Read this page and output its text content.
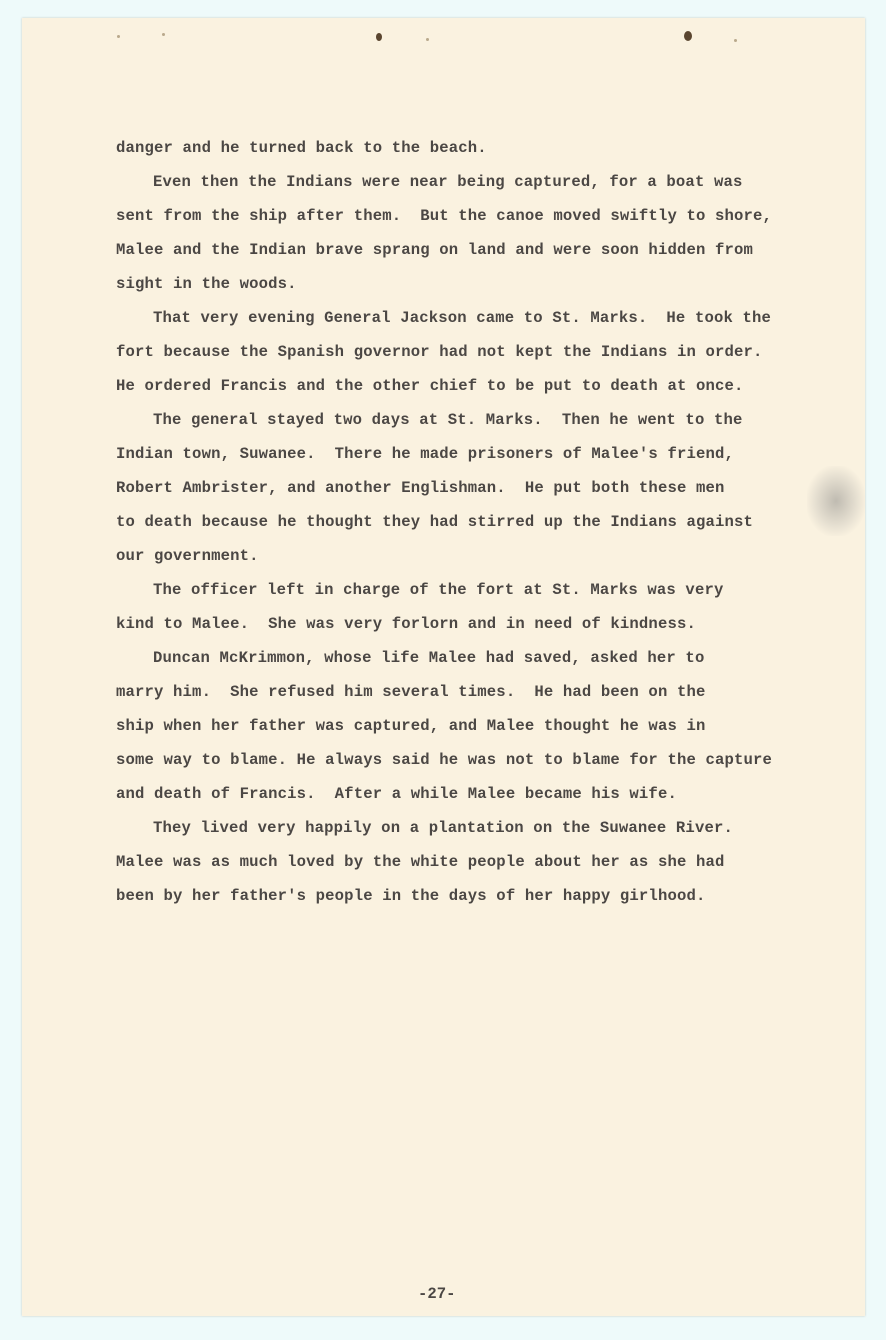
danger and he turned back to the beach.
Even then the Indians were near being captured, for a boat was
sent from the ship after them.  But the canoe moved swiftly to shore,
Malee and the Indian brave sprang on land and were soon hidden from
sight in the woods.
That very evening General Jackson came to St. Marks.  He took the
fort because the Spanish governor had not kept the Indians in order.
He ordered Francis and the other chief to be put to death at once.
The general stayed two days at St. Marks.  Then he went to the
Indian town, Suwanee.  There he made prisoners of Malee's friend,
Robert Ambrister, and another Englishman.  He put both these men
to death because he thought they had stirred up the Indians against
our government.
The officer left in charge of the fort at St. Marks was very
kind to Malee.  She was very forlorn and in need of kindness.
Duncan McKrimmon, whose life Malee had saved, asked her to
marry him.  She refused him several times.  He had been on the
ship when her father was captured, and Malee thought he was in
some way to blame. He always said he was not to blame for the capture
and death of Francis.  After a while Malee became his wife.
They lived very happily on a plantation on the Suwanee River.
Malee was as much loved by the white people about her as she had
been by her father's people in the days of her happy girlhood.
-27-
